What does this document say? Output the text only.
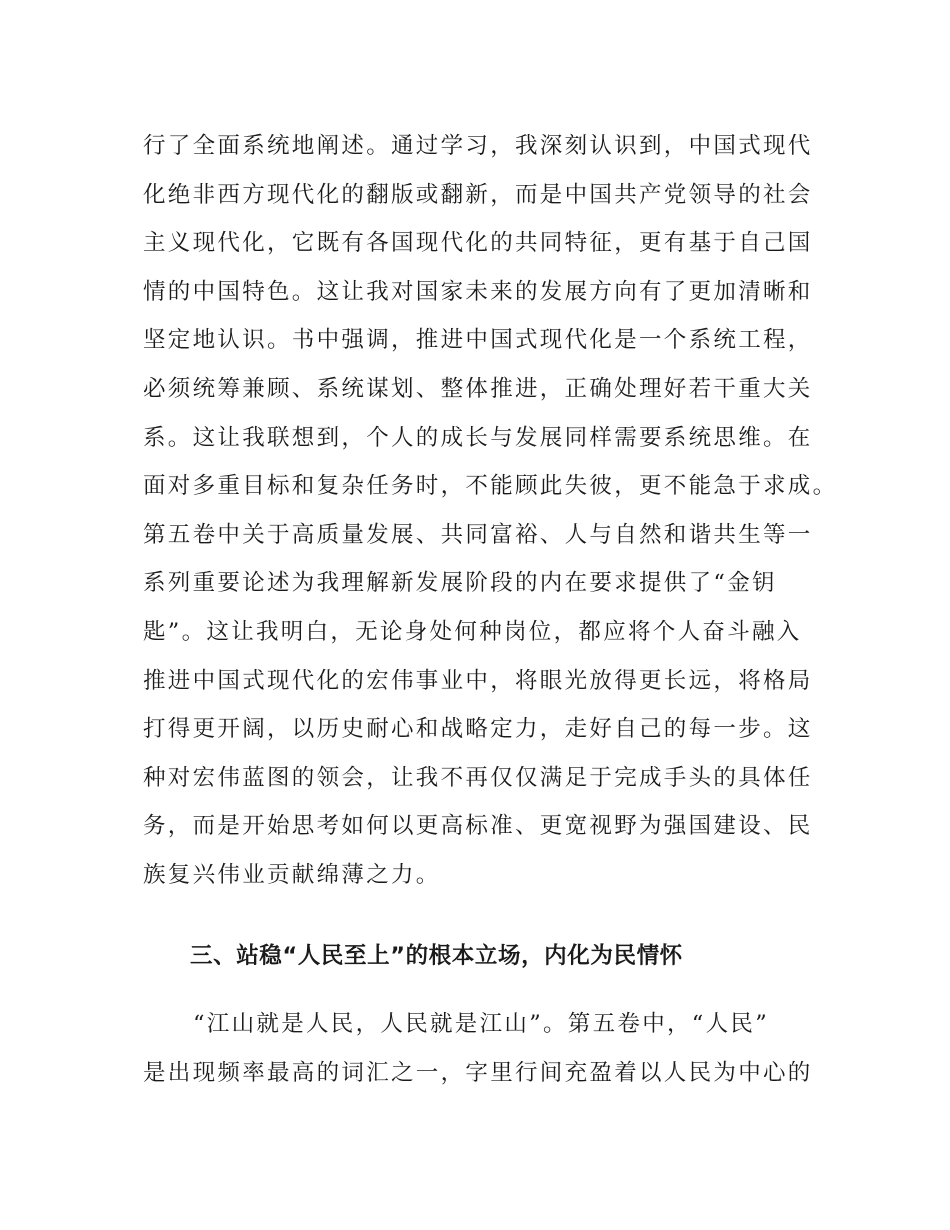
行了全面系统地阐述。通过学习，我深刻认识到，中国式现代
化绝非西方现代化的翻版或翻新，而是中国共产党领导的社会
主义现代化，它既有各国现代化的共同特征，更有基于自己国
情的中国特色。这让我对国家未来的发展方向有了更加清晰和
坚定地认识。书中强调，推进中国式现代化是一个系统工程，
必须统筹兼顾、系统谋划、整体推进，正确处理好若干重大关
系。这让我联想到，个人的成长与发展同样需要系统思维。在
面对多重目标和复杂任务时，不能顾此失彼，更不能急于求成。
第五卷中关于高质量发展、共同富裕、人与自然和谐共生等一
系列重要论述为我理解新发展阶段的内在要求提供了“金钥
匙”。这让我明白，无论身处何种岗位，都应将个人奋斗融入
推进中国式现代化的宏伟事业中，将眼光放得更长远，将格局
打得更开阔，以历史耐心和战略定力，走好自己的每一步。这
种对宏伟蓝图的领会，让我不再仅仅满足于完成手头的具体任
务，而是开始思考如何以更高标准、更宽视野为强国建设、民
族复兴伟业贡献绵薄之力。
三、站稳“人民至上”的根本立场，内化为民情怀
“江山就是人民，人民就是江山”。第五卷中，“人民”
是出现频率最高的词汇之一，字里行间充盈着以人民为中心的
